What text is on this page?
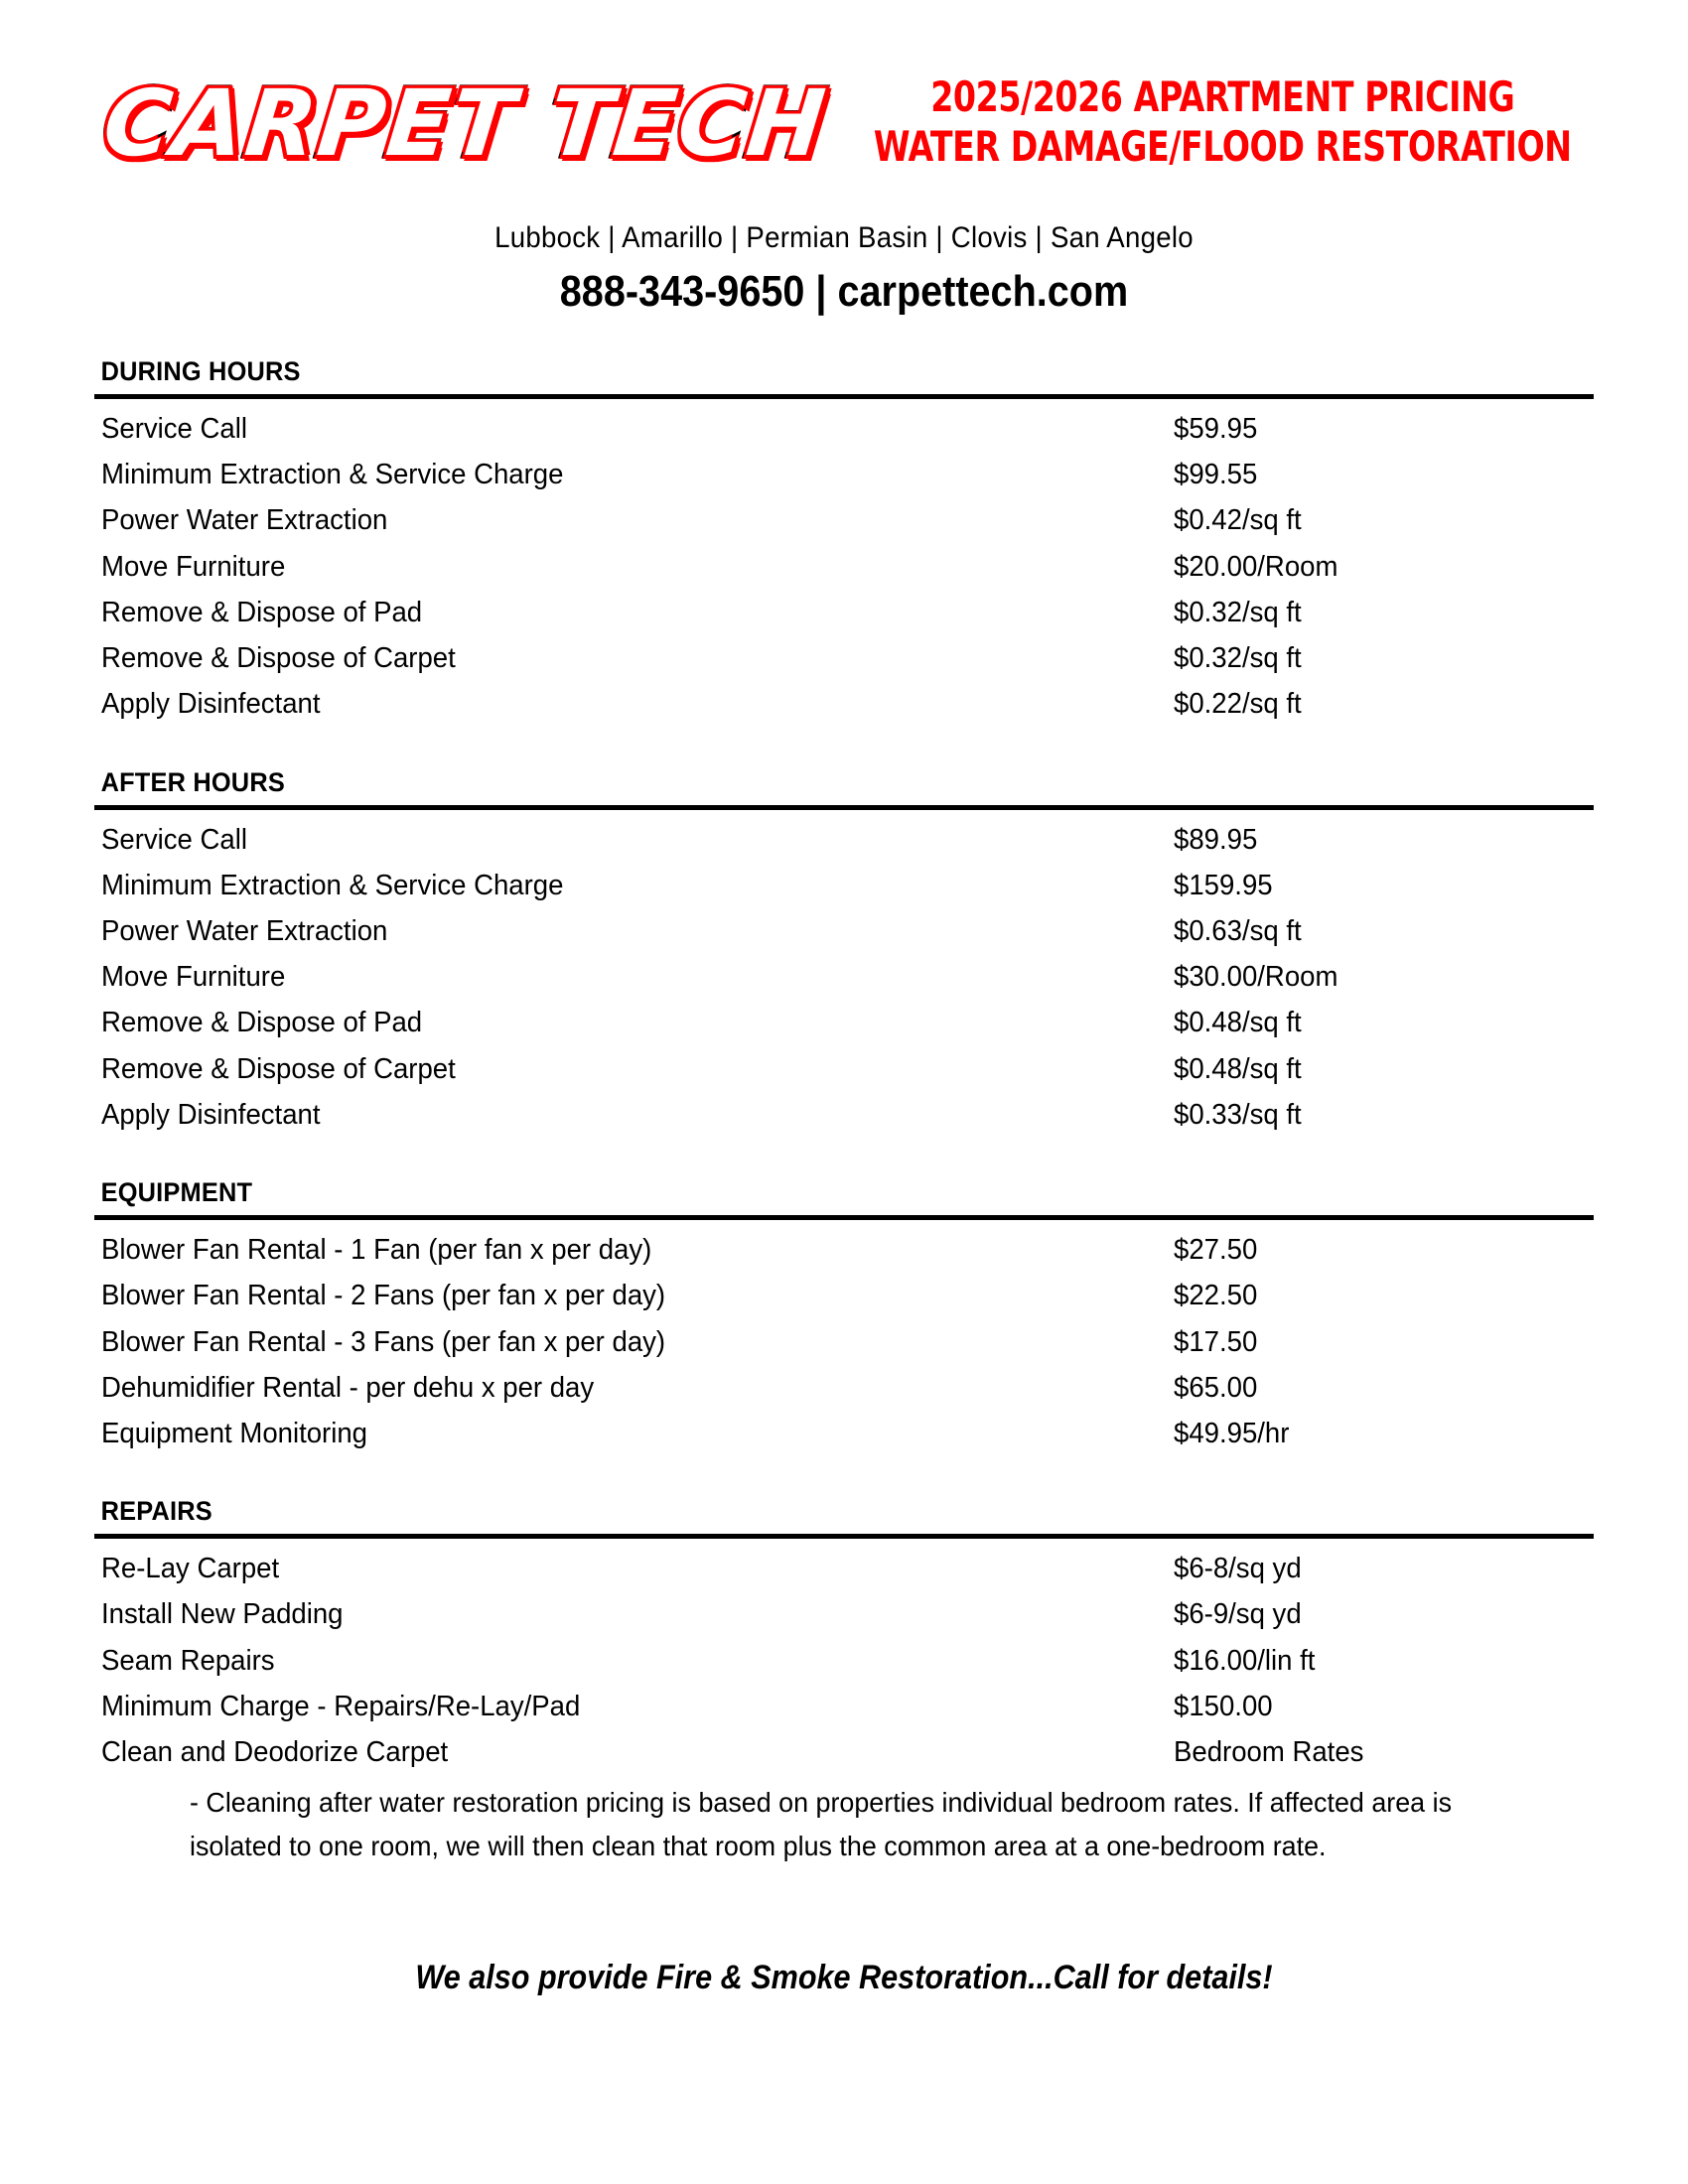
CARPET TECH	2025/2026 APARTMENT PRICING
WATER DAMAGE/FLOOD RESTORATION
Lubbock | Amarillo | Permian Basin | Clovis | San Angelo
888-343-9650 | carpettech.com
DURING HOURS
Service Call	$59.95
Minimum Extraction & Service Charge	$99.55
Power Water Extraction	$0.42/sq ft
Move Furniture	$20.00/Room
Remove & Dispose of Pad	$0.32/sq ft
Remove & Dispose of Carpet	$0.32/sq ft
Apply Disinfectant	$0.22/sq ft
AFTER HOURS
Service Call	$89.95
Minimum Extraction & Service Charge	$159.95
Power Water Extraction	$0.63/sq ft
Move Furniture	$30.00/Room
Remove & Dispose of Pad	$0.48/sq ft
Remove & Dispose of Carpet	$0.48/sq ft
Apply Disinfectant	$0.33/sq ft
EQUIPMENT
Blower Fan Rental - 1 Fan (per fan x per day)	$27.50
Blower Fan Rental - 2 Fans (per fan x per day)	$22.50
Blower Fan Rental - 3 Fans (per fan x per day)	$17.50
Dehumidifier Rental - per dehu x per day	$65.00
Equipment Monitoring	$49.95/hr
REPAIRS
Re-Lay Carpet	$6-8/sq yd
Install New Padding	$6-9/sq yd
Seam Repairs	$16.00/lin ft
Minimum Charge - Repairs/Re-Lay/Pad	$150.00
Clean and Deodorize Carpet	Bedroom Rates
- Cleaning after water restoration pricing is based on properties individual bedroom rates. If affected area is isolated to one room, we will then clean that room plus the common area at a one-bedroom rate.
We also provide Fire & Smoke Restoration...Call for details!
